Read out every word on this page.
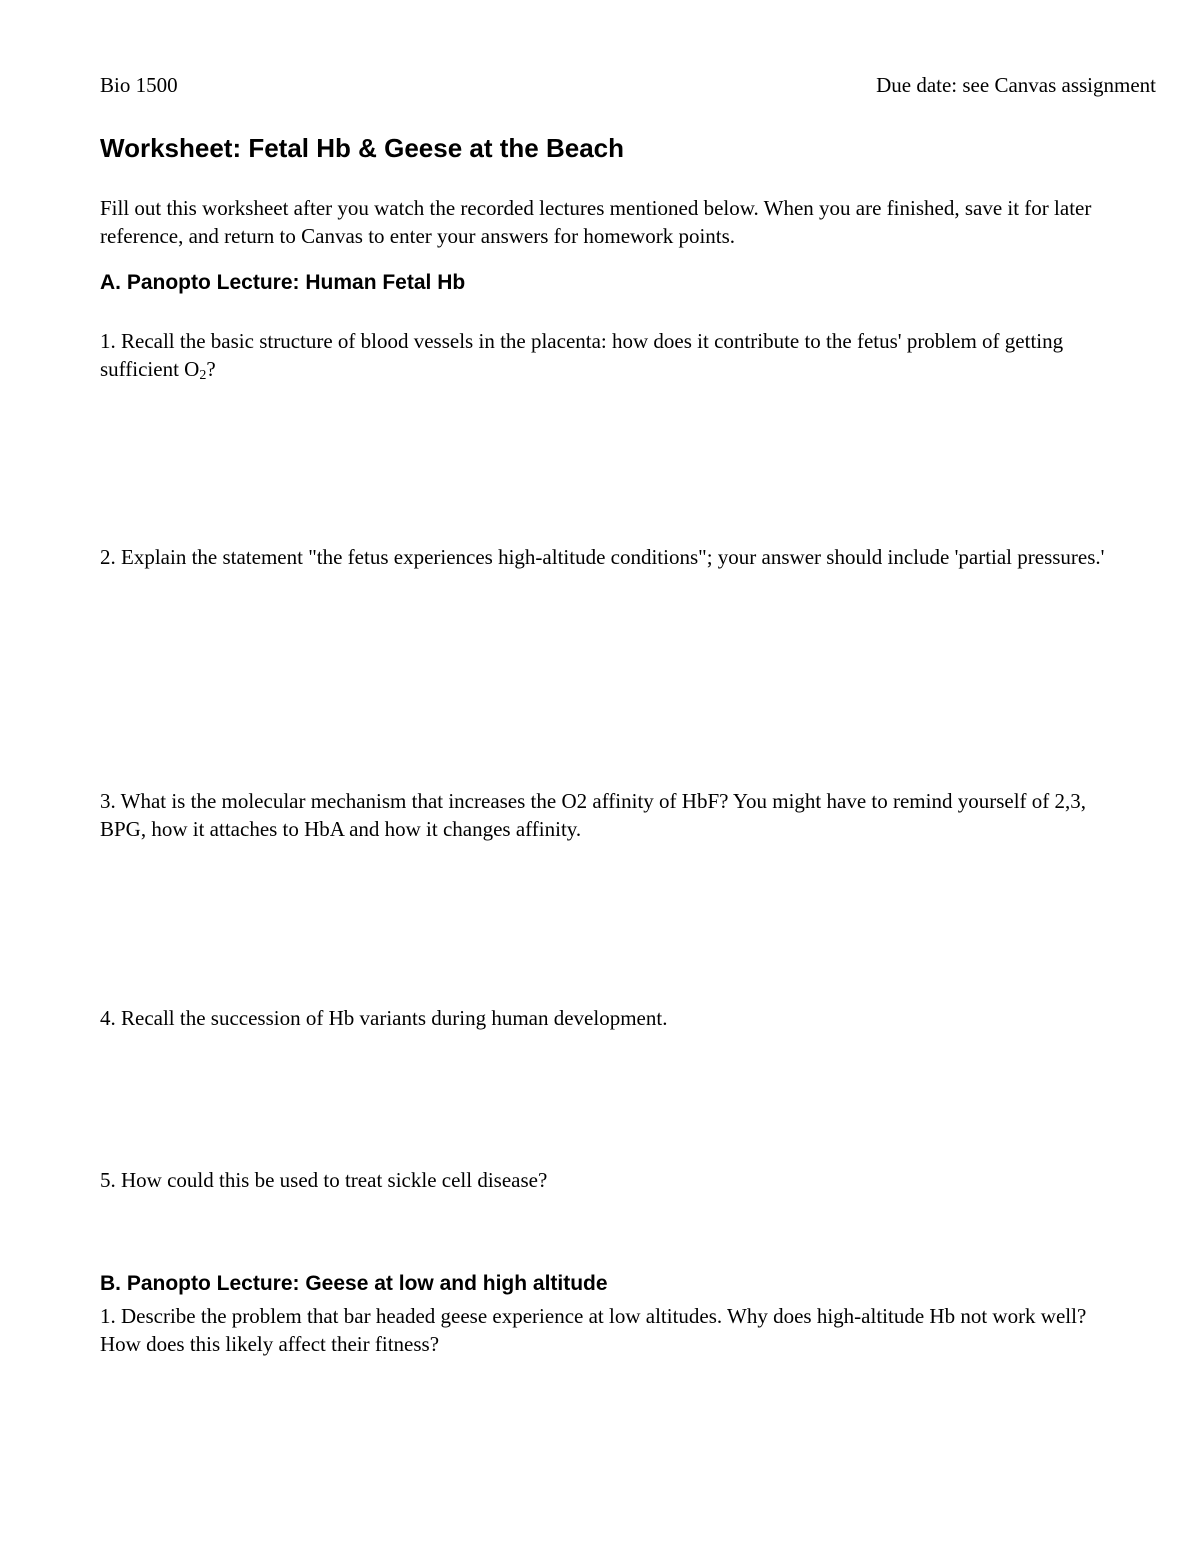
Bio 1500	Due date: see Canvas assignment
Worksheet: Fetal Hb & Geese at the Beach

Fill out this worksheet after you watch the recorded lectures mentioned below. When you are finished, save it for later reference, and return to Canvas to enter your answers for homework points.

A. Panopto Lecture: Human Fetal Hb

1. Recall the basic structure of blood vessels in the placenta: how does it contribute to the fetus' problem of getting sufficient $O_2$?

2. Explain the statement "the fetus experiences high-altitude conditions"; your answer should include 'partial pressures.'

3. What is the molecular mechanism that increases the O2 affinity of HbF? You might have to remind yourself of 2,3, BPG, how it attaches to HbA and how it changes affinity.

4. Recall the succession of Hb variants during human development.

5. How could this be used to treat sickle cell disease?

B. Panopto Lecture: Geese at low and high altitude

1. Describe the problem that bar headed geese experience at low altitudes. Why does high-altitude Hb not work well? How does this likely affect their fitness?
